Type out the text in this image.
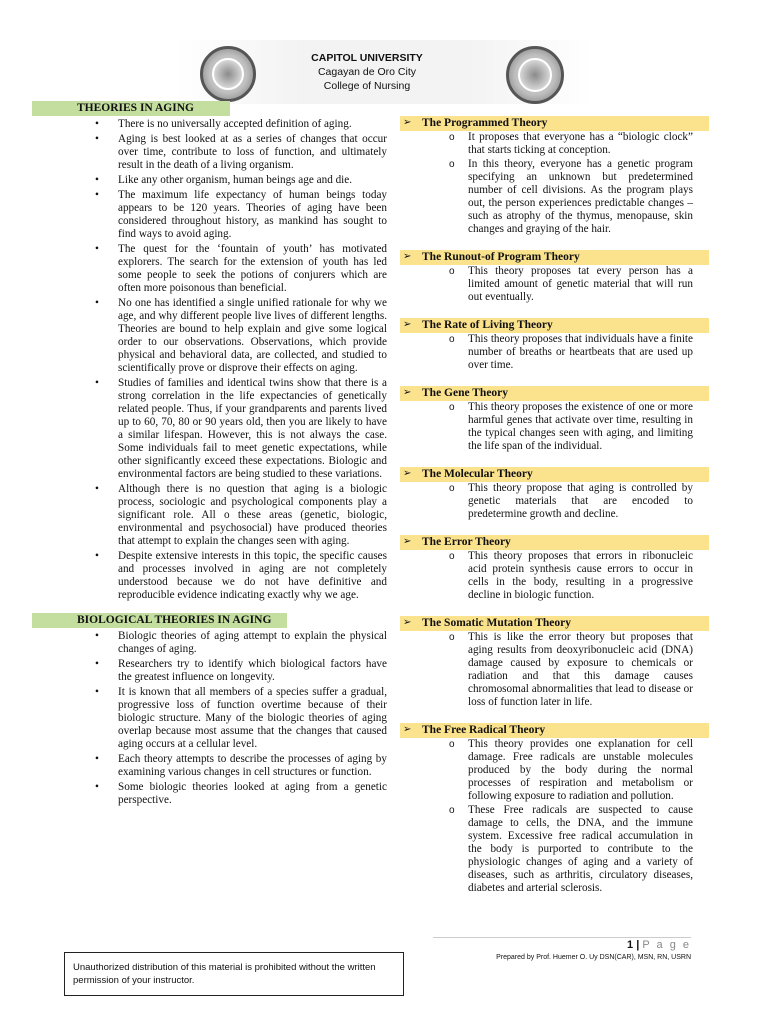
CAPITOL UNIVERSITY
Cagayan de Oro City
College of Nursing
THEORIES IN AGING
• There is no universally accepted definition of aging.
• Aging is best looked at as a series of changes that occur over time, contribute to loss of function, and ultimately result in the death of a living organism.
• Like any other organism, human beings age and die.
• The maximum life expectancy of human beings today appears to be 120 years. Theories of aging have been considered throughout history, as mankind has sought to find ways to avoid aging.
• The quest for the ‘fountain of youth’ has motivated explorers. The search for the extension of youth has led some people to seek the potions of conjurers which are often more poisonous than beneficial.
• No one has identified a single unified rationale for why we age, and why different people live lives of different lengths. Theories are bound to help explain and give some logical order to our observations. Observations, which provide physical and behavioral data, are collected, and studied to scientifically prove or disprove their effects on aging.
• Studies of families and identical twins show that there is a strong correlation in the life expectancies of genetically related people. Thus, if your grandparents and parents lived up to 60, 70, 80 or 90 years old, then you are likely to have a similar lifespan. However, this is not always the case. Some individuals fail to meet genetic expectations, while other significantly exceed these expectations. Biologic and environmental factors are being studied to these variations.
• Although there is no question that aging is a biologic process, sociologic and psychological components play a significant role. All o these areas (genetic, biologic, environmental and psychosocial) have produced theories that attempt to explain the changes seen with aging.
• Despite extensive interests in this topic, the specific causes and processes involved in aging are not completely understood because we do not have definitive and reproducible evidence indicating exactly why we age.
BIOLOGICAL THEORIES IN AGING
• Biologic theories of aging attempt to explain the physical changes of aging.
• Researchers try to identify which biological factors have the greatest influence on longevity.
• It is known that all members of a species suffer a gradual, progressive loss of function overtime because of their biologic structure. Many of the biologic theories of aging overlap because most assume that the changes that caused aging occurs at a cellular level.
• Each theory attempts to describe the processes of aging by examining various changes in cell structures or function.
• Some biologic theories looked at aging from a genetic perspective.
➢ The Programmed Theory
o It proposes that everyone has a “biologic clock” that starts ticking at conception.
o In this theory, everyone has a genetic program specifying an unknown but predetermined number of cell divisions. As the program plays out, the person experiences predictable changes – such as atrophy of the thymus, menopause, skin changes and graying of the hair.
➢ The Runout-of Program Theory
o This theory proposes tat every person has a limited amount of genetic material that will run out eventually.
➢ The Rate of Living Theory
o This theory proposes that individuals have a finite number of breaths or heartbeats that are used up over time.
➢ The Gene Theory
o This theory proposes the existence of one or more harmful genes that activate over time, resulting in the typical changes seen with aging, and limiting the life span of the individual.
➢ The Molecular Theory
o This theory propose that aging is controlled by genetic materials that are encoded to predetermine growth and decline.
➢ The Error Theory
o This theory proposes that errors in ribonucleic acid protein synthesis cause errors to occur in cells in the body, resulting in a progressive decline in biologic function.
➢ The Somatic Mutation Theory
o This is like the error theory but proposes that aging results from deoxyribonucleic acid (DNA) damage caused by exposure to chemicals or radiation and that this damage causes chromosomal abnormalities that lead to disease or loss of function later in life.
➢ The Free Radical Theory
o This theory provides one explanation for cell damage. Free radicals are unstable molecules produced by the body during the normal processes of respiration and metabolism or following exposure to radiation and pollution.
o These Free radicals are suspected to cause damage to cells, the DNA, and the immune system. Excessive free radical accumulation in the body is purported to contribute to the physiologic changes of aging and a variety of diseases, such as arthritis, circulatory diseases, diabetes and arterial sclerosis.
1 | P a g e
Prepared by Prof. Huemer O. Uy DSN(CAR), MSN, RN, USRN
Unauthorized distribution of this material is prohibited without the written permission of your instructor.
